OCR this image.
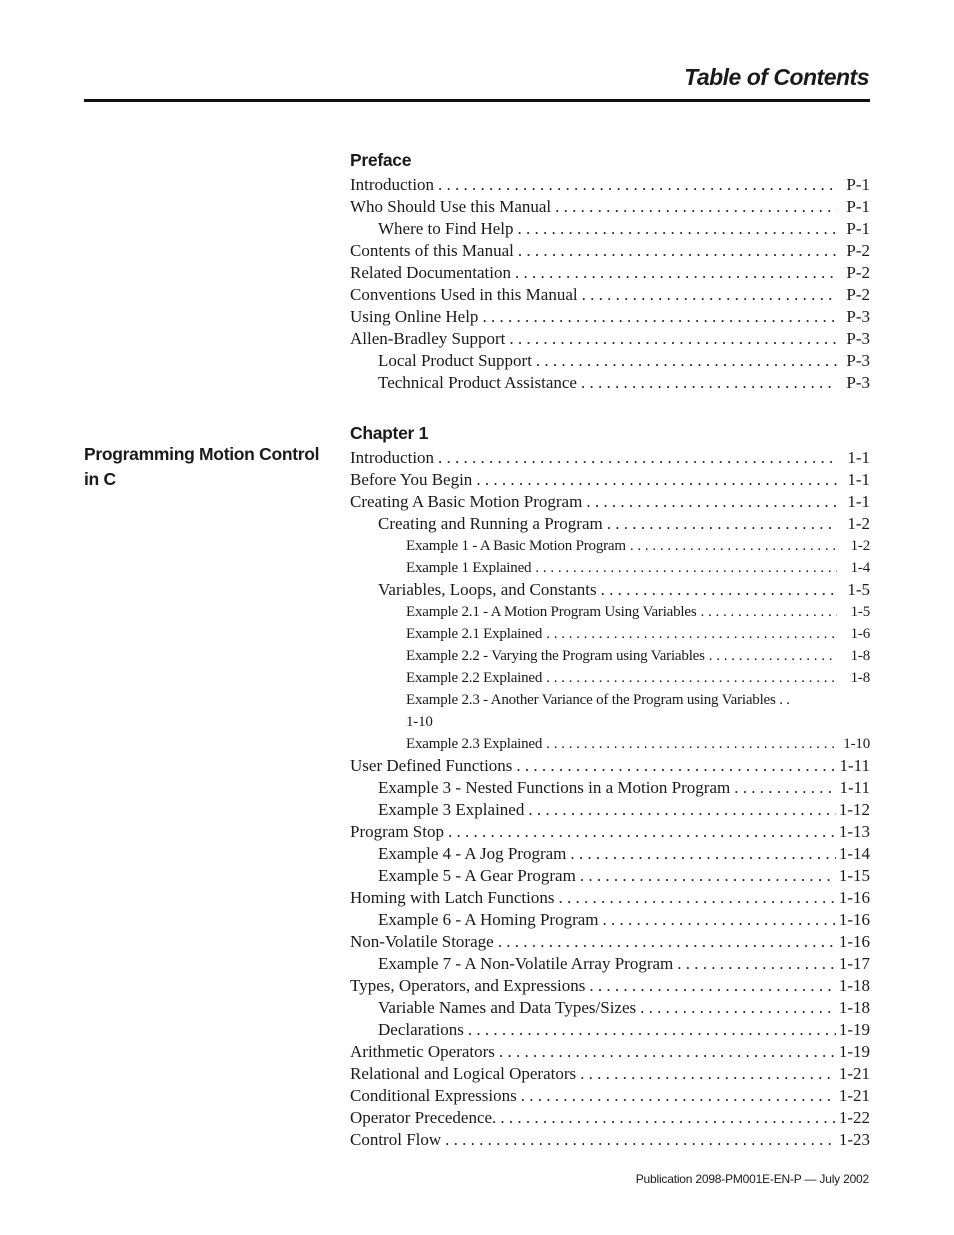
Table of Contents
Programming Motion Control in C
Preface
Introduction . . .	P-1
Who Should Use this Manual . . .	P-1
Where to Find Help . . .	P-1
Contents of this Manual . . .	P-2
Related Documentation . . .	P-2
Conventions Used in this Manual . . .	P-2
Using Online Help . . .	P-3
Allen-Bradley Support . . .	P-3
Local Product Support . . .	P-3
Technical Product Assistance . . .	P-3
Chapter 1
Introduction . . .	1-1
Before You Begin . . .	1-1
Creating A Basic Motion Program . . .	1-1
Creating and Running a Program . . .	1-2
Example 1 - A Basic Motion Program . . .	1-2
Example 1 Explained . . .	1-4
Variables, Loops, and Constants . . .	1-5
Example 2.1 - A Motion Program Using Variables . . .	1-5
Example 2.1 Explained . . .	1-6
Example 2.2 - Varying the Program using Variables . . .	1-8
Example 2.2 Explained . . .	1-8
Example 2.3 - Another Variance of the Program using Variables . .
1-10
Example 2.3 Explained . . .	1-10
User Defined Functions . . .	1-11
Example 3 - Nested Functions in a Motion Program . . .	1-11
Example 3 Explained . . .	1-12
Program Stop . . .	1-13
Example 4 - A Jog Program . . .	1-14
Example 5 - A Gear Program . . .	1-15
Homing with Latch Functions . . .	1-16
Example 6 - A Homing Program . . .	1-16
Non-Volatile Storage . . .	1-16
Example 7 - A Non-Volatile Array Program . . .	1-17
Types, Operators, and Expressions . . .	1-18
Variable Names and Data Types/Sizes . . .	1-18
Declarations . . .	1-19
Arithmetic Operators . . .	1-19
Relational and Logical Operators . . .	1-21
Conditional Expressions . . .	1-21
Operator Precedence. . . .	1-22
Control Flow . . .	1-23
Publication 2098-PM001E-EN-P — July 2002
